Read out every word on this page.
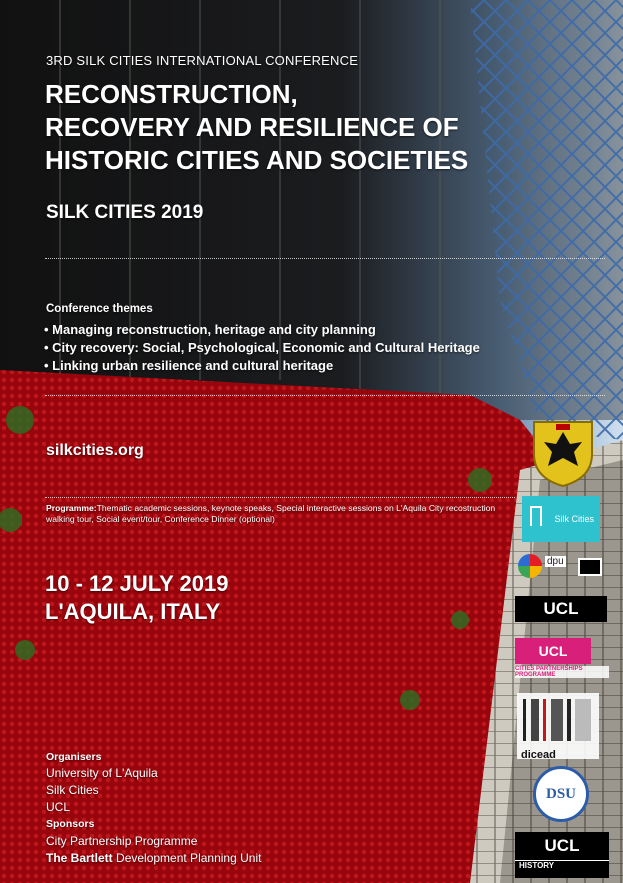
3RD SILK CITIES INTERNATIONAL CONFERENCE
RECONSTRUCTION,
RECOVERY AND RESILIENCE OF
HISTORIC CITIES AND SOCIETIES
SILK CITIES 2019
Conference themes
• Managing reconstruction, heritage and city planning
• City recovery: Social, Psychological, Economic and Cultural Heritage
• Linking urban resilience and cultural heritage
silkcities.org
Programme:Thematic academic sessions, keynote speaks, Special interactive sessions on L'Aquila City recostruction walking tour, Social event/tour, Conference Dinner (optional)
10 - 12 JULY 2019
L'AQUILA, ITALY
Organisers
University of L'Aquila
Silk Cities
UCL
Sponsors
City Partnership Programme
The Bartlett Development Planning Unit
Silk Cities
dpu
UCL
UCL
CITIES PARTNERSHIPS PROGRAMME
dicead
DSU
UCL
HISTORY
